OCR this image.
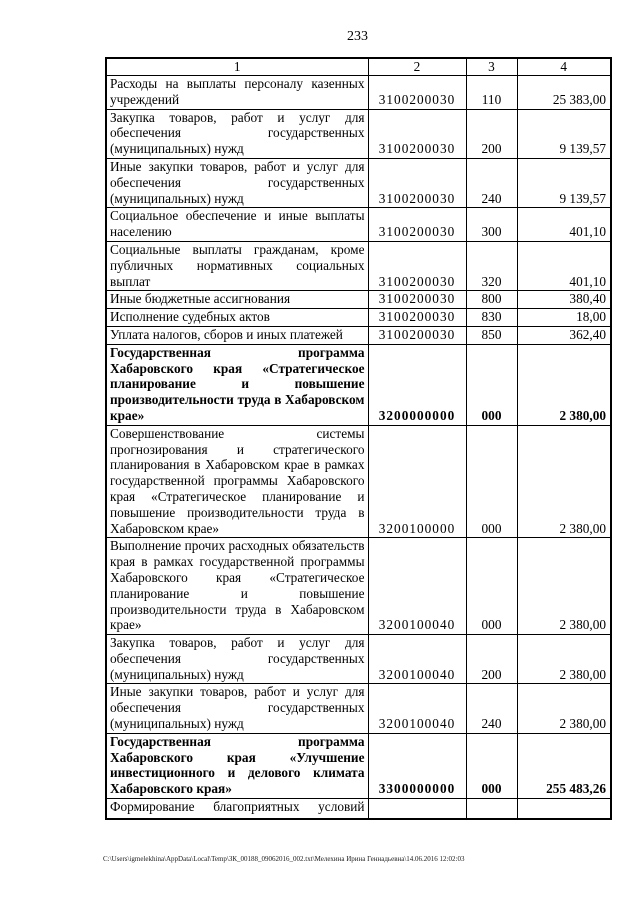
233
1	2	3	4
Расходы на выплаты персоналу казенных учреждений	3100200030	110	25 383,00
Закупка товаров, работ и услуг для обеспечения государственных (муниципальных) нужд	3100200030	200	9 139,57
Иные закупки товаров, работ и услуг для обеспечения государственных (муниципальных) нужд	3100200030	240	9 139,57
Социальное обеспечение и иные выплаты населению	3100200030	300	401,10
Социальные выплаты гражданам, кроме публичных нормативных социальных выплат	3100200030	320	401,10
Иные бюджетные ассигнования	3100200030	800	380,40
Исполнение судебных актов	3100200030	830	18,00
Уплата налогов, сборов и иных платежей	3100200030	850	362,40
Государственная программа Хабаровского края «Стратегическое планирование и повышение производительности труда в Хабаровском крае»	3200000000	000	2 380,00
Совершенствование системы прогнозирования и стратегического планирования в Хабаровском крае в рамках государственной программы Хабаровского края «Стратегическое планирование и повышение производительности труда в Хабаровском крае»	3200100000	000	2 380,00
Выполнение прочих расходных обязательств края в рамках государственной программы Хабаровского края «Стратегическое планирование и повышение производительности труда в Хабаровском крае»	3200100040	000	2 380,00
Закупка товаров, работ и услуг для обеспечения государственных (муниципальных) нужд	3200100040	200	2 380,00
Иные закупки товаров, работ и услуг для обеспечения государственных (муниципальных) нужд	3200100040	240	2 380,00
Государственная программа Хабаровского края «Улучшение инвестиционного и делового климата Хабаровского края»	3300000000	000	255 483,26
Формирование благоприятных условий			
C:\Users\igmelekhina\AppData\Local\Temp\ЗК_00188_09062016_002.txt\Мелехина Ирина Геннадьевна\14.06.2016 12:02:03
